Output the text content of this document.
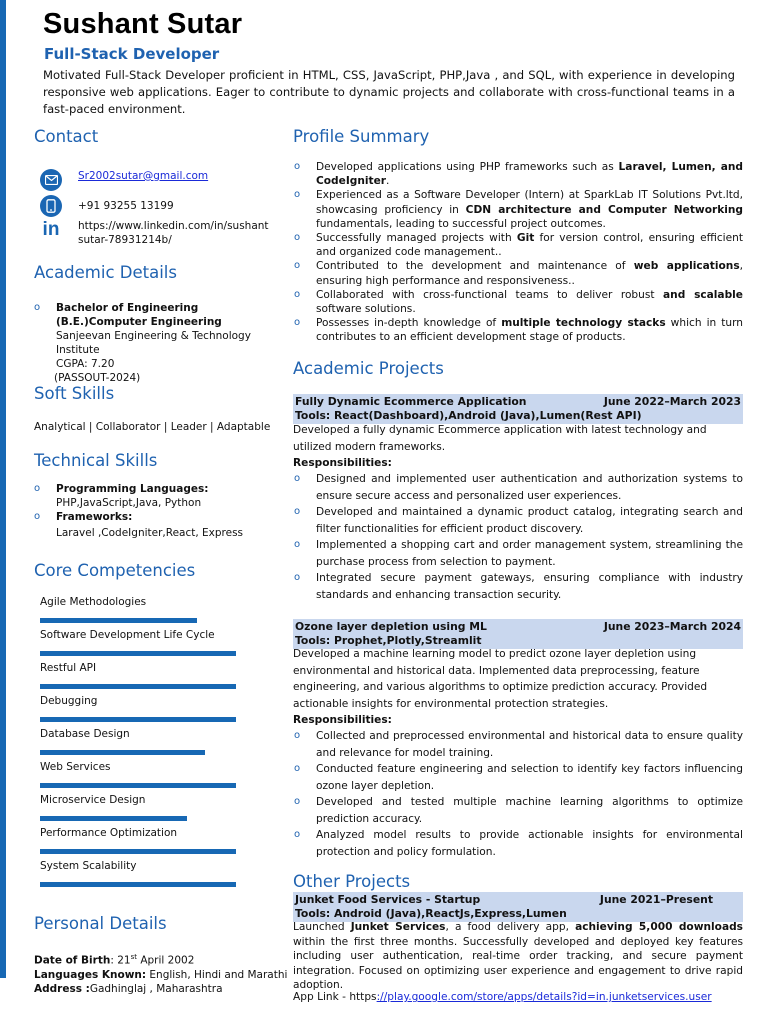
Sushant Sutar
Full-Stack Developer
Motivated Full-Stack Developer proficient in HTML, CSS, JavaScript, PHP,Java , and SQL, with experience in developing responsive web applications. Eager to contribute to dynamic projects and collaborate with cross-functional teams in a fast-paced environment.
Contact
Sr2002sutar@gmail.com
+91 93255 13199
in https://www.linkedin.com/in/sushant sutar-78931214b/
Academic Details
o Bachelor of Engineering (B.E.)Computer Engineering
Sanjeevan Engineering & Technology Institute
CGPA: 7.20
(PASSOUT-2024)
Soft Skills
Analytical | Collaborator | Leader | Adaptable
Technical Skills
o Programming Languages:
PHP,JavaScript,Java, Python
o Frameworks:
Laravel ,CodeIgniter,React, Express
Core Competencies
Agile Methodologies
Software Development Life Cycle
Restful API
Debugging
Database Design
Web Services
Microservice Design
Performance Optimization
System Scalability
Personal Details
Date of Birth: 21st April 2002
Languages Known: English, Hindi and Marathi
Address :Gadhinglaj , Maharashtra
Profile Summary
o Developed applications using PHP frameworks such as Laravel, Lumen, and CodeIgniter.
o Experienced as a Software Developer (Intern) at SparkLab IT Solutions Pvt.ltd, showcasing proficiency in CDN architecture and Computer Networking fundamentals, leading to successful project outcomes.
o Successfully managed projects with Git for version control, ensuring efficient and organized code management..
o Contributed to the development and maintenance of web applications, ensuring high performance and responsiveness..
o Collaborated with cross-functional teams to deliver robust and scalable software solutions.
o Possesses in-depth knowledge of multiple technology stacks which in turn contributes to an efficient development stage of products.
Academic Projects
Fully Dynamic Ecommerce Application	June 2022–March 2023
Tools: React(Dashboard),Android (Java),Lumen(Rest API)
Developed a fully dynamic Ecommerce application with latest technology and utilized modern frameworks.
Responsibilities:
o Designed and implemented user authentication and authorization systems to ensure secure access and personalized user experiences.
o Developed and maintained a dynamic product catalog, integrating search and filter functionalities for efficient product discovery.
o Implemented a shopping cart and order management system, streamlining the purchase process from selection to payment.
o Integrated secure payment gateways, ensuring compliance with industry standards and enhancing transaction security.
Ozone layer depletion using ML	June 2023–March 2024
Tools: Prophet,Plotly,Streamlit
Developed a machine learning model to predict ozone layer depletion using environmental and historical data. Implemented data preprocessing, feature engineering, and various algorithms to optimize prediction accuracy. Provided actionable insights for environmental protection strategies.
Responsibilities:
o Collected and preprocessed environmental and historical data to ensure quality and relevance for model training.
o Conducted feature engineering and selection to identify key factors influencing ozone layer depletion.
o Developed and tested multiple machine learning algorithms to optimize prediction accuracy.
o Analyzed model results to provide actionable insights for environmental protection and policy formulation.
Other Projects
Junket Food Services - Startup	June 2021–Present
Tools: Android (Java),ReactJs,Express,Lumen
Launched Junket Services, a food delivery app, achieving 5,000 downloads within the first three months. Successfully developed and deployed key features including user authentication, real-time order tracking, and secure payment integration. Focused on optimizing user experience and engagement to drive rapid adoption.
App Link - https://play.google.com/store/apps/details?id=in.junketservices.user
